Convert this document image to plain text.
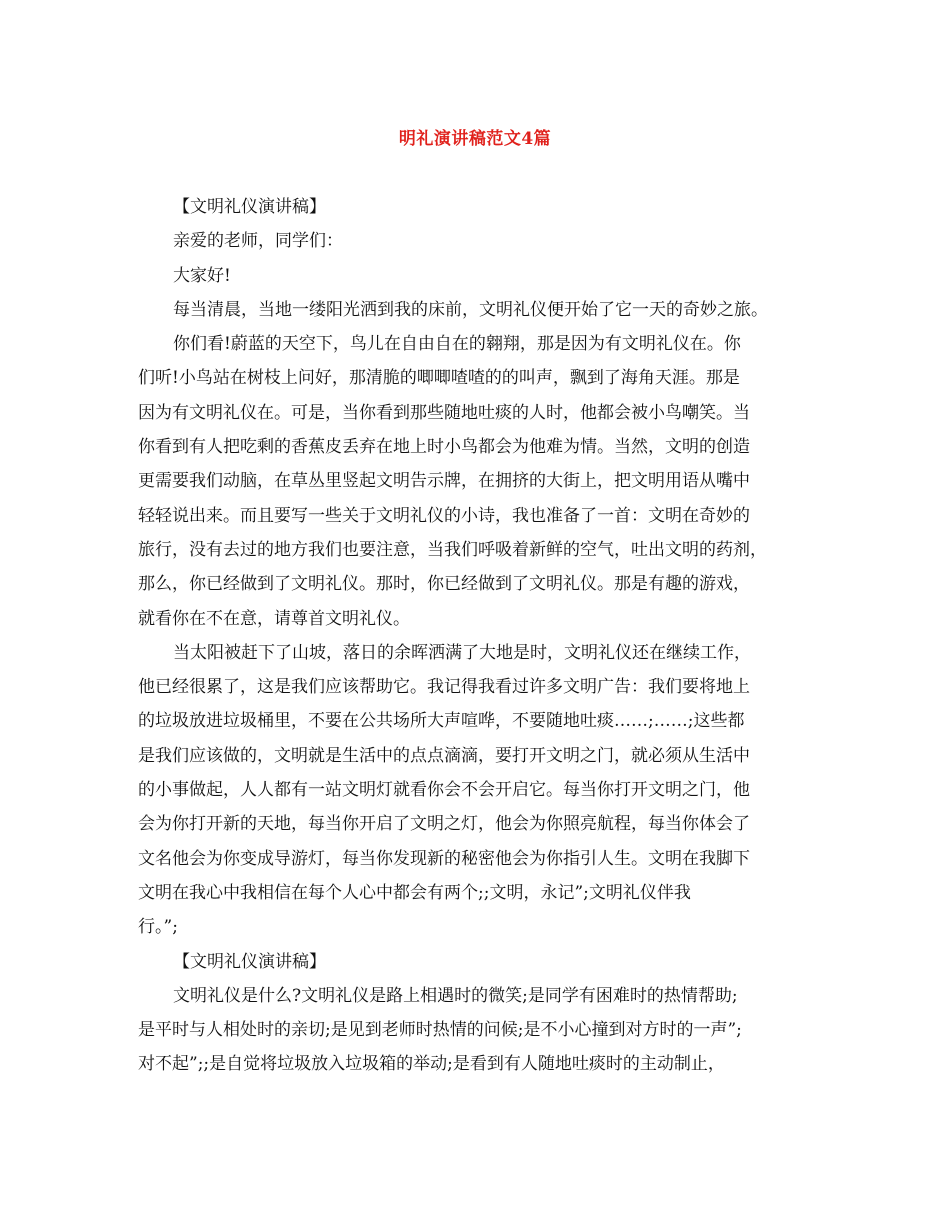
明礼演讲稿范文4篇
【文明礼仪演讲稿】
亲爱的老师，同学们：
大家好!
每当清晨，当地一缕阳光洒到我的床前，文明礼仪便开始了它一天的奇妙之旅。
你们看!蔚蓝的天空下，鸟儿在自由自在的翱翔，那是因为有文明礼仪在。你
们听!小鸟站在树枝上问好，那清脆的唧唧喳喳的的叫声，飘到了海角天涯。那是
因为有文明礼仪在。可是，当你看到那些随地吐痰的人时，他都会被小鸟嘲笑。当
你看到有人把吃剩的香蕉皮丢弃在地上时小鸟都会为他难为情。当然，文明的创造
更需要我们动脑，在草丛里竖起文明告示牌，在拥挤的大街上，把文明用语从嘴中
轻轻说出来。而且要写一些关于文明礼仪的小诗，我也准备了一首：文明在奇妙的
旅行，没有去过的地方我们也要注意，当我们呼吸着新鲜的空气，吐出文明的药剂，
那么，你已经做到了文明礼仪。那时，你已经做到了文明礼仪。那是有趣的游戏，
就看你在不在意，请尊首文明礼仪。
当太阳被赶下了山坡，落日的余晖洒满了大地是时，文明礼仪还在继续工作，
他已经很累了，这是我们应该帮助它。我记得我看过许多文明广告：我们要将地上
的垃圾放进垃圾桶里，不要在公共场所大声喧哗，不要随地吐痰……;……;这些都
是我们应该做的，文明就是生活中的点点滴滴，要打开文明之门，就必须从生活中
的小事做起，人人都有一站文明灯就看你会不会开启它。每当你打开文明之门，他
会为你打开新的天地，每当你开启了文明之灯，他会为你照亮航程，每当你体会了
文名他会为你变成导游灯，每当你发现新的秘密他会为你指引人生。文明在我脚下
文明在我心中我相信在每个人心中都会有两个;;文明，永记”;文明礼仪伴我
行。”;
【文明礼仪演讲稿】
文明礼仪是什么?文明礼仪是路上相遇时的微笑;是同学有困难时的热情帮助;
是平时与人相处时的亲切;是见到老师时热情的问候;是不小心撞到对方时的一声”;
对不起”;;是自觉将垃圾放入垃圾箱的举动;是看到有人随地吐痰时的主动制止，
